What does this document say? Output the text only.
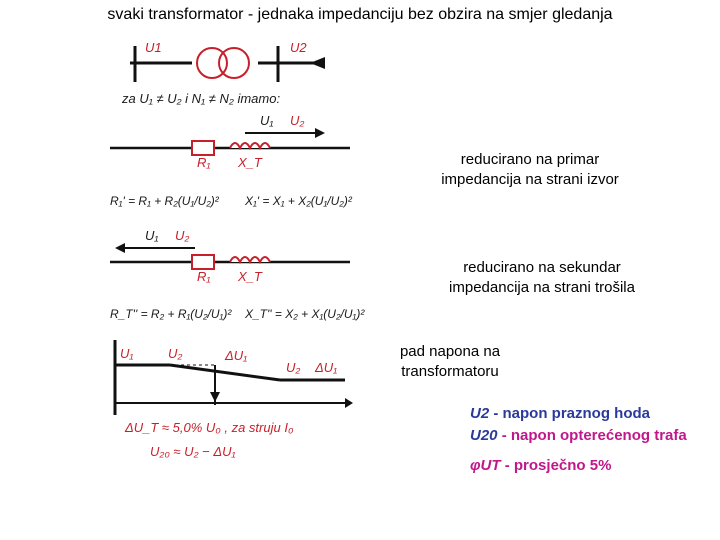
svaki transformator - jednaka impedanciju bez obzira na smjer gledanja
U1	U2
za U₁ ≠ U₂ i N₁ ≠ N₂ imamo:
U₁ U₂
R₁ X_T
R₁' = R₁ + R₂(U₁/U₂)² X₁' = X₁ + X₂(U₁/U₂)²
U₁ U₂
R₁ X_T
R_T'' = R₂ + R₁(U₂/U₁)² X_T'' = X₂ + X₁(U₂/U₁)²
U₁	U₂	ΔU₁
U₂ ΔU₁
ΔU_T ≈ 5,0% U₀ , za struju I₀
U₂₀ ≈ U₂ − ΔU₁
reducirano na primar
impedancija na strani izvor
reducirano na sekundar
impedancija na strani trošila
pad napona na
transformatoru
U2 - napon praznog hoda
U20 - napon opterećenog trafa
φUT - prosječno 5%
